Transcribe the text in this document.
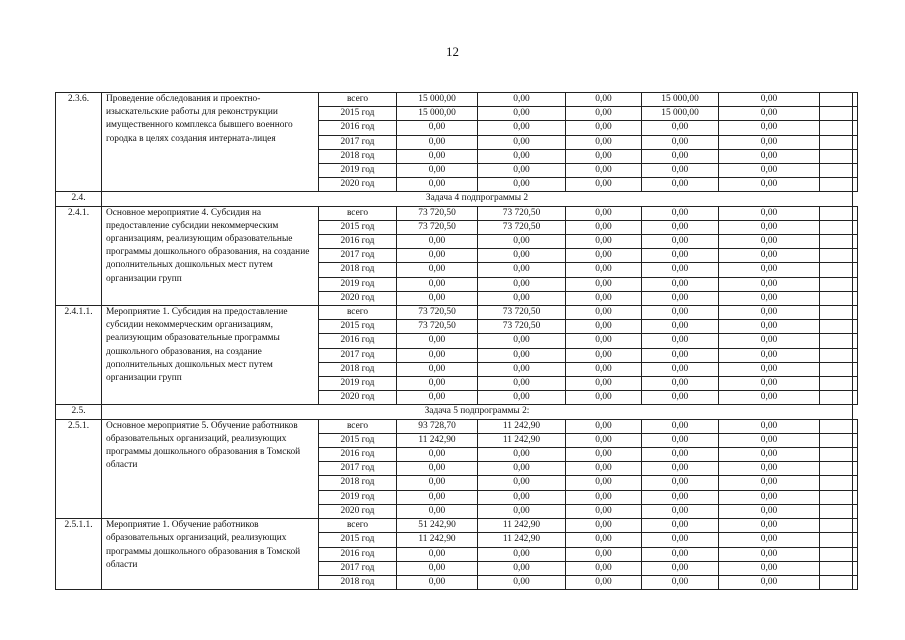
12
2.3.6.	Проведение обследования и проектно-изыскательские работы для реконструкции имущественного комплекса бывшего военного городка в целях создания интерната-лицея	всего	15 000,00	0,00	0,00	15 000,00	0,00		
		2015 год	15 000,00	0,00	0,00	15 000,00	0,00		
		2016 год	0,00	0,00	0,00	0,00	0,00		
		2017 год	0,00	0,00	0,00	0,00	0,00		
		2018 год	0,00	0,00	0,00	0,00	0,00		
		2019 год	0,00	0,00	0,00	0,00	0,00		
		2020 год	0,00	0,00	0,00	0,00	0,00		
2.4.	Задача 4 подпрограммы 2								
2.4.1.	Основное мероприятие 4. Субсидия на предоставление субсидии некоммерческим организациям, реализующим образовательные программы дошкольного образования, на создание дополнительных дошкольных мест путем организации групп	всего	73 720,50	73 720,50	0,00	0,00	0,00		
		2015 год	73 720,50	73 720,50	0,00	0,00	0,00		
		2016 год	0,00	0,00	0,00	0,00	0,00		
		2017 год	0,00	0,00	0,00	0,00	0,00		
		2018 год	0,00	0,00	0,00	0,00	0,00		
		2019 год	0,00	0,00	0,00	0,00	0,00		
		2020 год	0,00	0,00	0,00	0,00	0,00		
2.4.1.1.	Мероприятие 1. Субсидия на предоставление субсидии некоммерческим организациям, реализующим образовательные программы дошкольного образования, на создание дополнительных дошкольных мест путем организации групп	всего	73 720,50	73 720,50	0,00	0,00	0,00		
		2015 год	73 720,50	73 720,50	0,00	0,00	0,00		
		2016 год	0,00	0,00	0,00	0,00	0,00		
		2017 год	0,00	0,00	0,00	0,00	0,00		
		2018 год	0,00	0,00	0,00	0,00	0,00		
		2019 год	0,00	0,00	0,00	0,00	0,00		
		2020 год	0,00	0,00	0,00	0,00	0,00		
2.5.	Задача 5 подпрограммы 2:								
2.5.1.	Основное мероприятие 5. Обучение работников образовательных организаций, реализующих программы дошкольного образования в Томской области	всего	93 728,70	11 242,90	0,00	0,00	0,00		
		2015 год	11 242,90	11 242,90	0,00	0,00	0,00		
		2016 год	0,00	0,00	0,00	0,00	0,00		
		2017 год	0,00	0,00	0,00	0,00	0,00		
		2018 год	0,00	0,00	0,00	0,00	0,00		
		2019 год	0,00	0,00	0,00	0,00	0,00		
		2020 год	0,00	0,00	0,00	0,00	0,00		
2.5.1.1.	Мероприятие 1. Обучение работников образовательных организаций, реализующих программы дошкольного образования в Томской области	всего	51 242,90	11 242,90	0,00	0,00	0,00		
		2015 год	11 242,90	11 242,90	0,00	0,00	0,00		
		2016 год	0,00	0,00	0,00	0,00	0,00		
		2017 год	0,00	0,00	0,00	0,00	0,00		
		2018 год	0,00	0,00	0,00	0,00	0,00		
